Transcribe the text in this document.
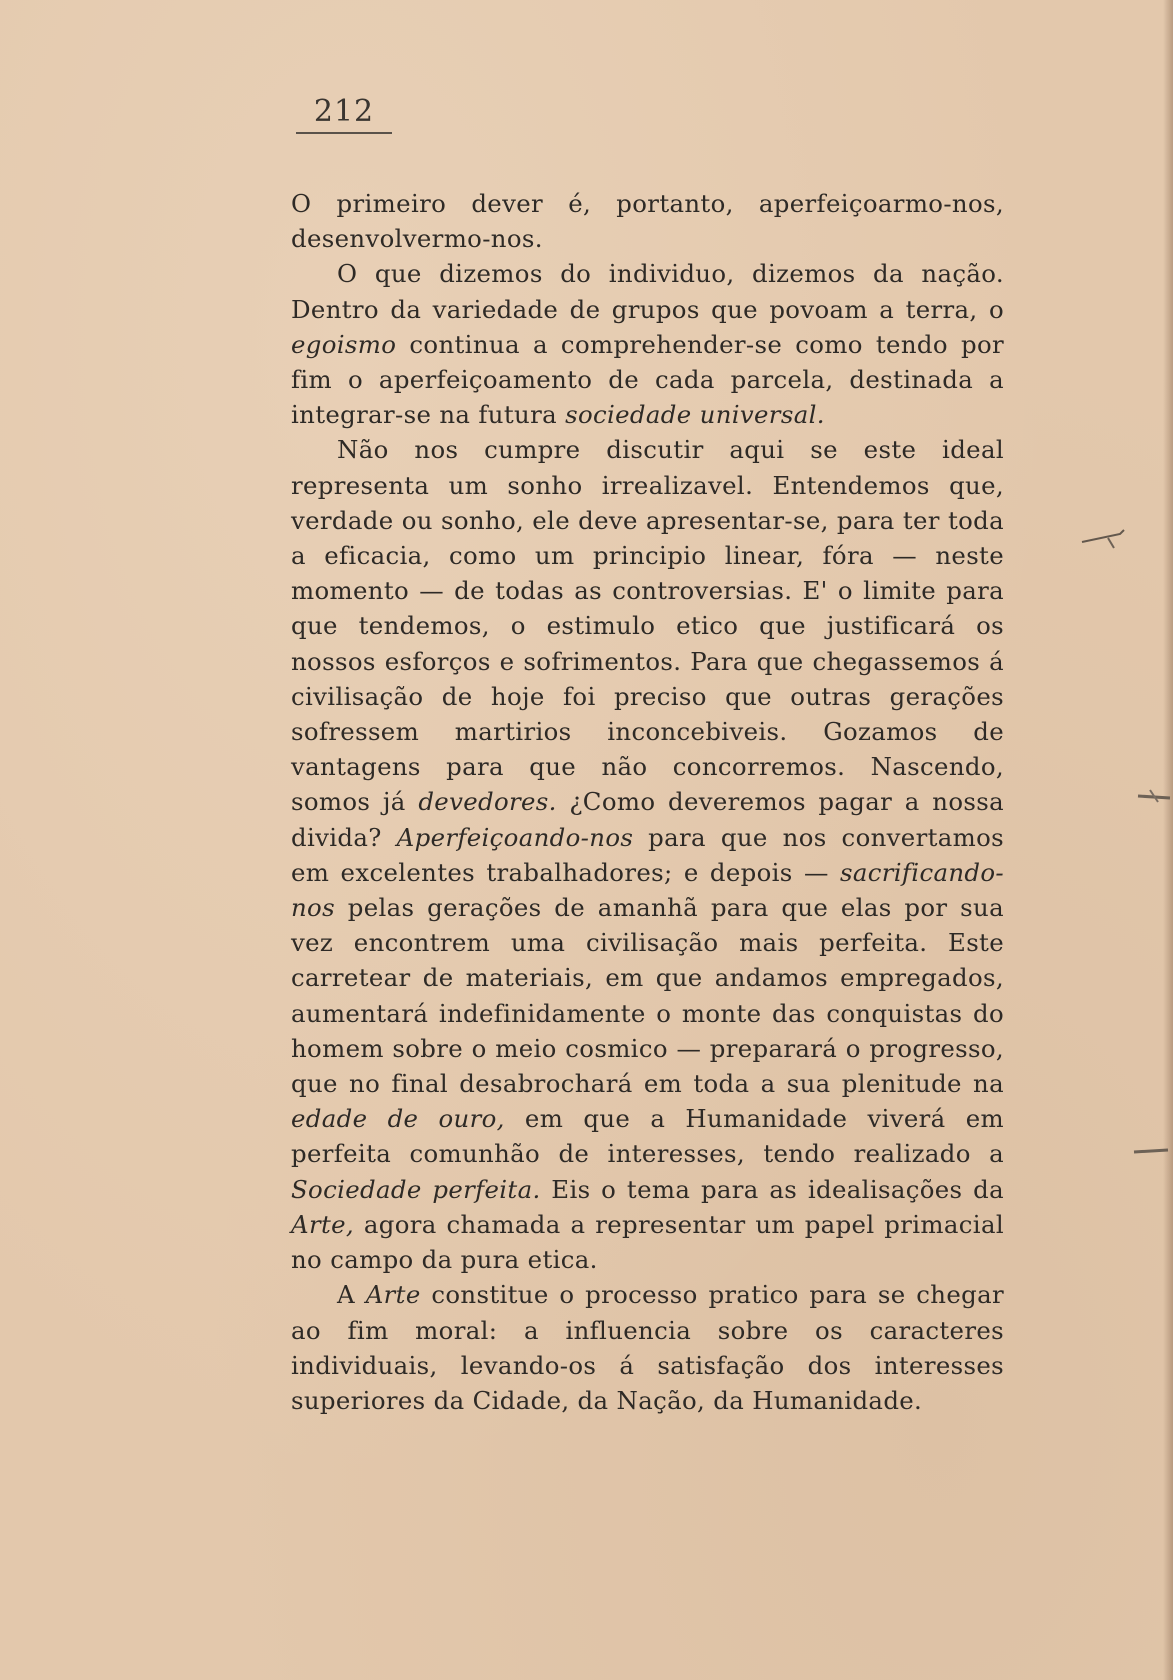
212

O primeiro dever é, portanto, aperfeiçoarmo-nos, desenvolvermo-nos.

O que dizemos do individuo, dizemos da nação. Dentro da variedade de grupos que povoam a terra, o egoismo continua a comprehender-se como tendo por fim o aperfeiçoamento de cada parcela, destinada a integrar-se na futura sociedade universal.

Não nos cumpre discutir aqui se este ideal representa um sonho irrealizavel. Entendemos que, verdade ou sonho, ele deve apresentar-se, para ter toda a eficacia, como um principio linear, fóra — neste momento — de todas as controversias. E' o limite para que tendemos, o estimulo etico que justificará os nossos esforços e sofrimentos. Para que chegassemos á civilisação de hoje foi preciso que outras gerações sofressem martirios inconcebiveis. Gozamos de vantagens para que não concorremos. Nascendo, somos já devedores. ¿Como deveremos pagar a nossa divida? Aperfeiçoando-nos para que nos convertamos em excelentes trabalhadores; e depois — sacrificando-nos pelas gerações de amanhã para que elas por sua vez encontrem uma civilisação mais perfeita. Este carretear de materiais, em que andamos empregados, aumentará indefinidamente o monte das conquistas do homem sobre o meio cosmico — preparará o progresso, que no final desabrochará em toda a sua plenitude na edade de ouro, em que a Humanidade viverá em perfeita comunhão de interesses, tendo realizado a Sociedade perfeita. Eis o tema para as idealisações da Arte, agora chamada a representar um papel primacial no campo da pura etica.

A Arte constitue o processo pratico para se chegar ao fim moral: a influencia sobre os caracteres individuais, levando-os á satisfação dos interesses superiores da Cidade, da Nação, da Humanidade.
